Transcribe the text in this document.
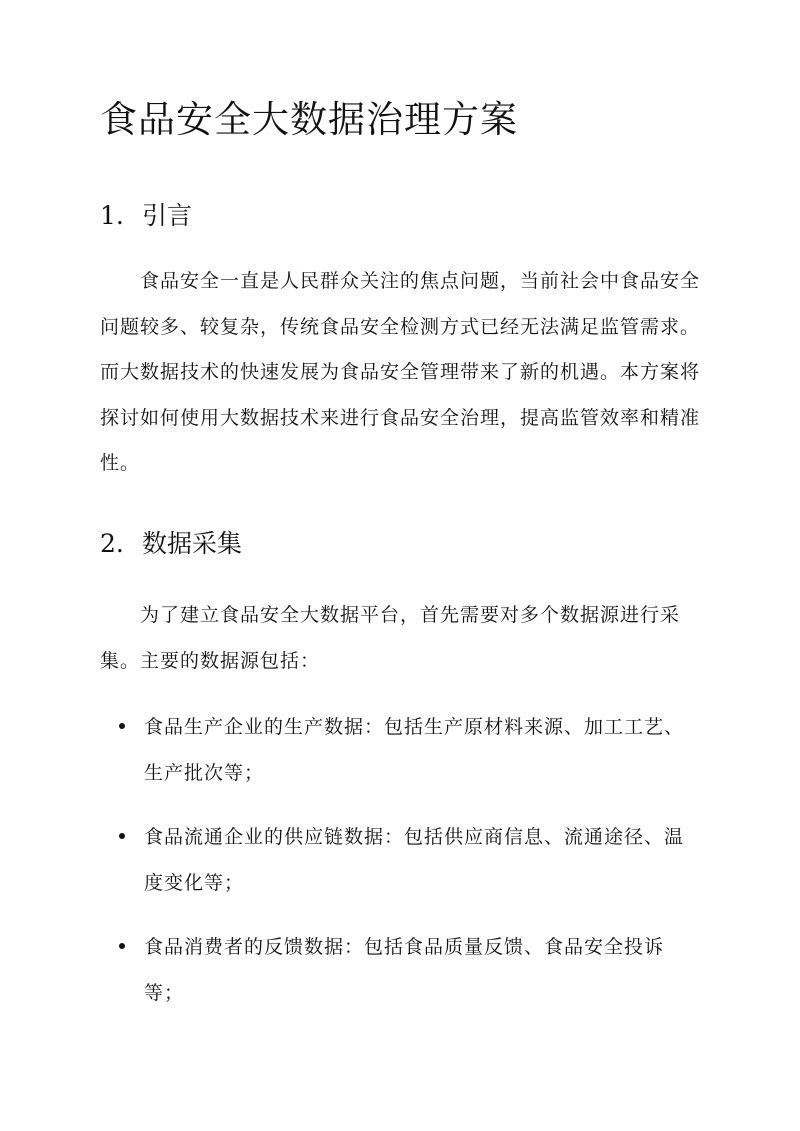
食品安全大数据治理方案
1. 引言

食品安全一直是人民群众关注的焦点问题，当前社会中食品安全问题较多、较复杂，传统食品安全检测方式已经无法满足监管需求。而大数据技术的快速发展为食品安全管理带来了新的机遇。本方案将探讨如何使用大数据技术来进行食品安全治理，提高监管效率和精准性。

2. 数据采集

为了建立食品安全大数据平台，首先需要对多个数据源进行采集。主要的数据源包括：

食品生产企业的生产数据：包括生产原材料来源、加工工艺、生产批次等；
食品流通企业的供应链数据：包括供应商信息、流通途径、温度变化等；
食品消费者的反馈数据：包括食品质量反馈、食品安全投诉等；
